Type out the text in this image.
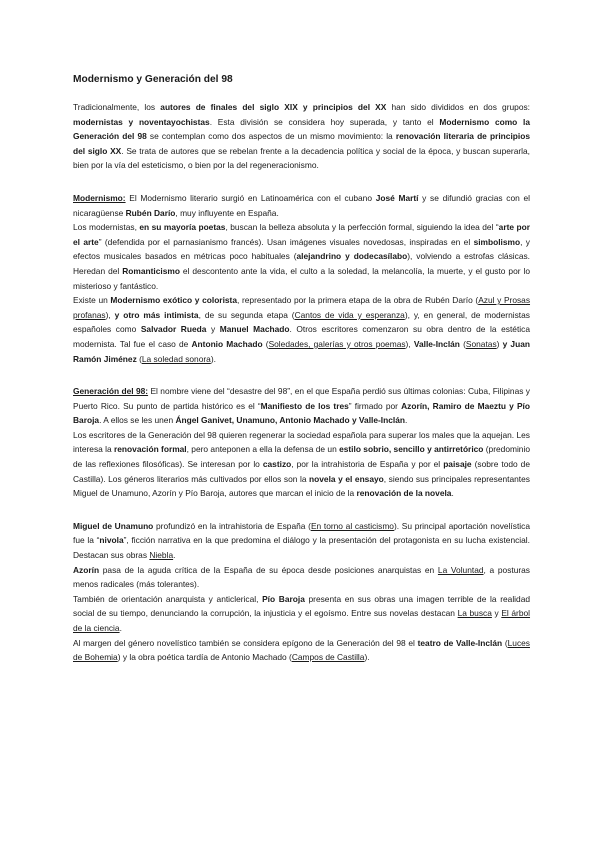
Modernismo y Generación del 98

Tradicionalmente, los autores de finales del siglo XIX y principios del XX han sido divididos en dos grupos: modernistas y noventayochistas. Esta división se considera hoy superada, y tanto el Modernismo como la Generación del 98 se contemplan como dos aspectos de un mismo movimiento: la renovación literaria de principios del siglo XX. Se trata de autores que se rebelan frente a la decadencia política y social de la época, y buscan superarla, bien por la vía del esteticismo, o bien por la del regeneracionismo.

Modernismo: El Modernismo literario surgió en Latinoamérica con el cubano José Martí y se difundió gracias con el nicaragüense Rubén Darío, muy influyente en España.

Los modernistas, en su mayoría poetas, buscan la belleza absoluta y la perfección formal, siguiendo la idea del “arte por el arte” (defendida por el parnasianismo francés). Usan imágenes visuales novedosas, inspiradas en el simbolismo, y efectos musicales basados en métricas poco habituales (alejandrino y dodecasílabo), volviendo a estrofas clásicas. Heredan del Romanticismo el descontento ante la vida, el culto a la soledad, la melancolía, la muerte, y el gusto por lo misterioso y fantástico.

Existe un Modernismo exótico y colorista, representado por la primera etapa de la obra de Rubén Darío (Azul y Prosas profanas), y otro más intimista, de su segunda etapa (Cantos de vida y esperanza), y, en general, de modernistas españoles como Salvador Rueda y Manuel Machado. Otros escritores comenzaron su obra dentro de la estética modernista. Tal fue el caso de Antonio Machado (Soledades, galerías y otros poemas), Valle-Inclán (Sonatas) y Juan Ramón Jiménez (La soledad sonora).

Generación del 98: El nombre viene del “desastre del 98”, en el que España perdió sus últimas colonias: Cuba, Filipinas y Puerto Rico. Su punto de partida histórico es el “Manifiesto de los tres” firmado por Azorín, Ramiro de Maeztu y Pío Baroja. A ellos se les unen Ángel Ganivet, Unamuno, Antonio Machado y Valle-Inclán.

Los escritores de la Generación del 98 quieren regenerar la sociedad española para superar los males que la aquejan. Les interesa la renovación formal, pero anteponen a ella la defensa de un estilo sobrio, sencillo y antirretórico (predominio de las reflexiones filosóficas). Se interesan por lo castizo, por la intrahistoria de España y por el paisaje (sobre todo de Castilla). Los géneros literarios más cultivados por ellos son la novela y el ensayo, siendo sus principales representantes Miguel de Unamuno, Azorín y Pío Baroja, autores que marcan el inicio de la renovación de la novela.

Miguel de Unamuno profundizó en la intrahistoria de España (En torno al casticismo). Su principal aportación novelística fue la “nivola”, ficción narrativa en la que predomina el diálogo y la presentación del protagonista en su lucha existencial. Destacan sus obras Niebla.

Azorín pasa de la aguda crítica de la España de su época desde posiciones anarquistas en La Voluntad, a posturas menos radicales (más tolerantes).

También de orientación anarquista y anticlerical, Pío Baroja presenta en sus obras una imagen terrible de la realidad social de su tiempo, denunciando la corrupción, la injusticia y el egoísmo. Entre sus novelas destacan La busca y El árbol de la ciencia.

Al margen del género novelístico también se considera epígono de la Generación del 98 el teatro de Valle-Inclán (Luces de Bohemia) y la obra poética tardía de Antonio Machado (Campos de Castilla).
